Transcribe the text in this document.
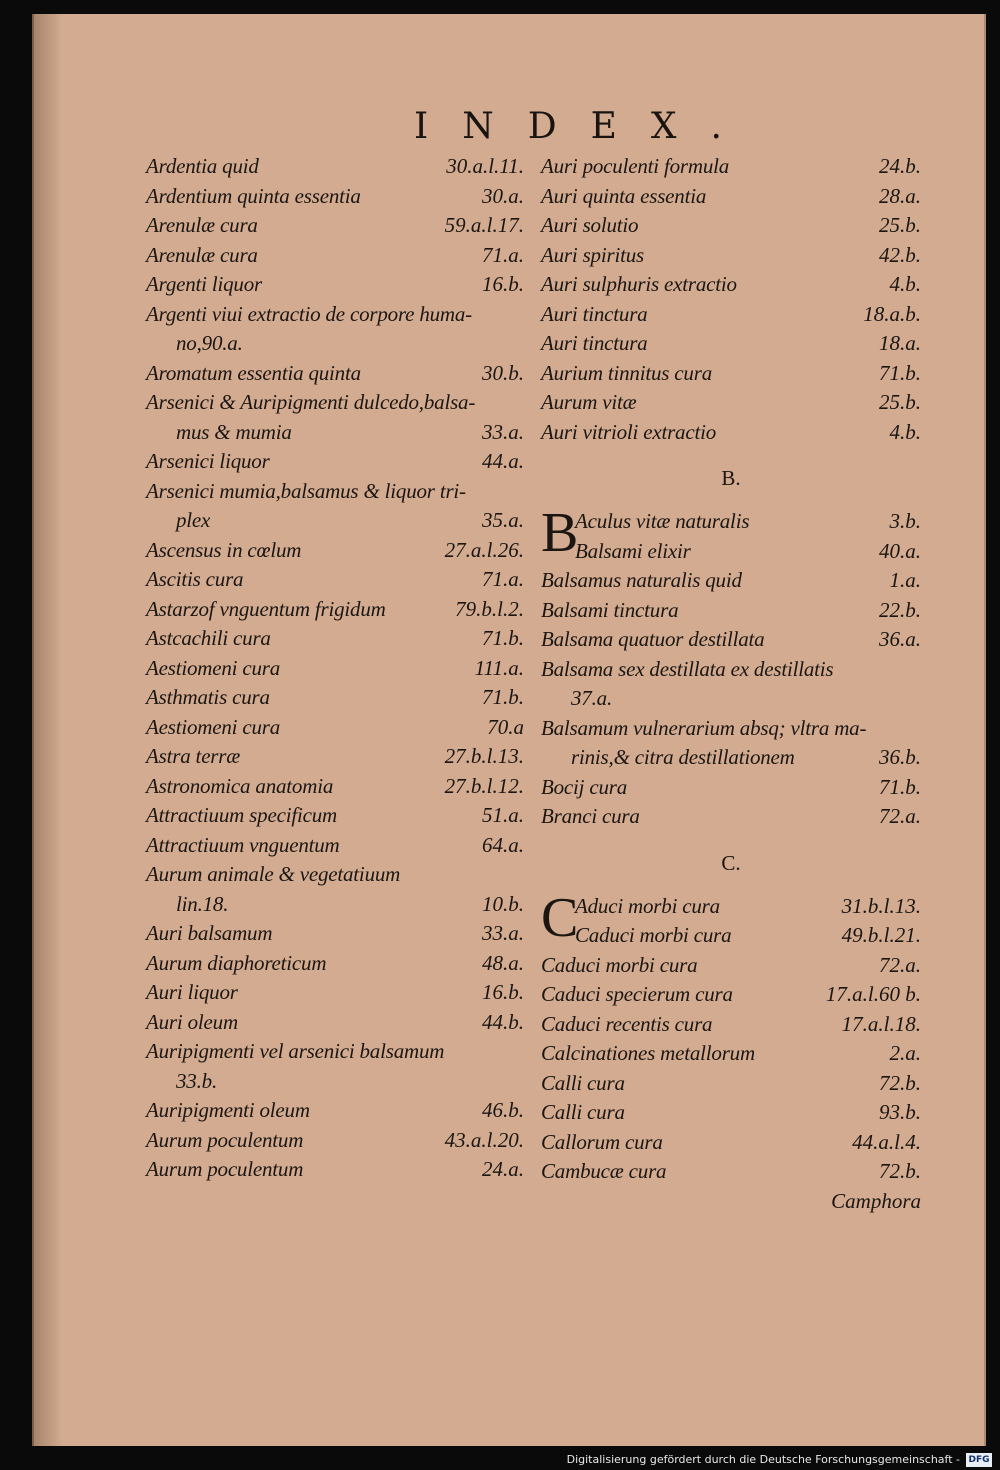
INDEX.
Ardentia quid	30.a.l.11.
Ardentium quinta essentia	30.a.
Arenulæ cura	59.a.l.17.
Arenulæ cura	71.a.
Argenti liquor	16.b.
Argenti viui extractio de corpore huma-
no,90.a.
Aromatum essentia quinta	30.b.
Arsenici & Auripigmenti dulcedo,balsa-
mus & mumia	33.a.
Arsenici liquor	44.a.
Arsenici mumia,balsamus & liquor tri-
plex	35.a.
Ascensus in cœlum	27.a.l.26.
Ascitis cura	71.a.
Astarzof vnguentum frigidum	79.b.l.2.
Astcachili cura	71.b.
Aestiomeni cura	111.a.
Asthmatis cura	71.b.
Aestiomeni cura	70.a
Astra terræ	27.b.l.13.
Astronomica anatomia	27.b.l.12.
Attractiuum specificum	51.a.
Attractiuum vnguentum	64.a.
Aurum animale & vegetatiuum
lin.18.	10.b.
Auri balsamum	33.a.
Aurum diaphoreticum	48.a.
Auri liquor	16.b.
Auri oleum	44.b.
Auripigmenti vel arsenici balsamum
33.b.
Auripigmenti oleum	46.b.
Aurum poculentum	43.a.l.20.
Aurum poculentum	24.a.
Auri poculenti formula	24.b.
Auri quinta essentia	28.a.
Auri solutio	25.b.
Auri spiritus	42.b.
Auri sulphuris extractio	4.b.
Auri tinctura	18.a.b.
Auri tinctura	18.a.
Aurium tinnitus cura	71.b.
Aurum vitæ	25.b.
Auri vitrioli extractio	4.b.
B.
B
Aculus vitæ naturalis	3.b.
Balsami elixir	40.a.
Balsamus naturalis quid	1.a.
Balsami tinctura	22.b.
Balsama quatuor destillata	36.a.
Balsama sex destillata ex destillatis
37.a.
Balsamum vulnerarium absq; vltra ma-
rinis,& citra destillationem	36.b.
Bocij cura	71.b.
Branci cura	72.a.
C.
C
Aduci morbi cura	31.b.l.13.
Caduci morbi cura	49.b.l.21.
Caduci morbi cura	72.a.
Caduci specierum cura	17.a.l.60 b.
Caduci recentis cura	17.a.l.18.
Calcinationes metallorum	2.a.
Calli cura	72.b.
Calli cura	93.b.
Callorum cura	44.a.l.4.
Cambucæ cura	72.b.
Camphora
Digitalisierung gefördert durch die Deutsche Forschungsgemeinschaft - DFG
